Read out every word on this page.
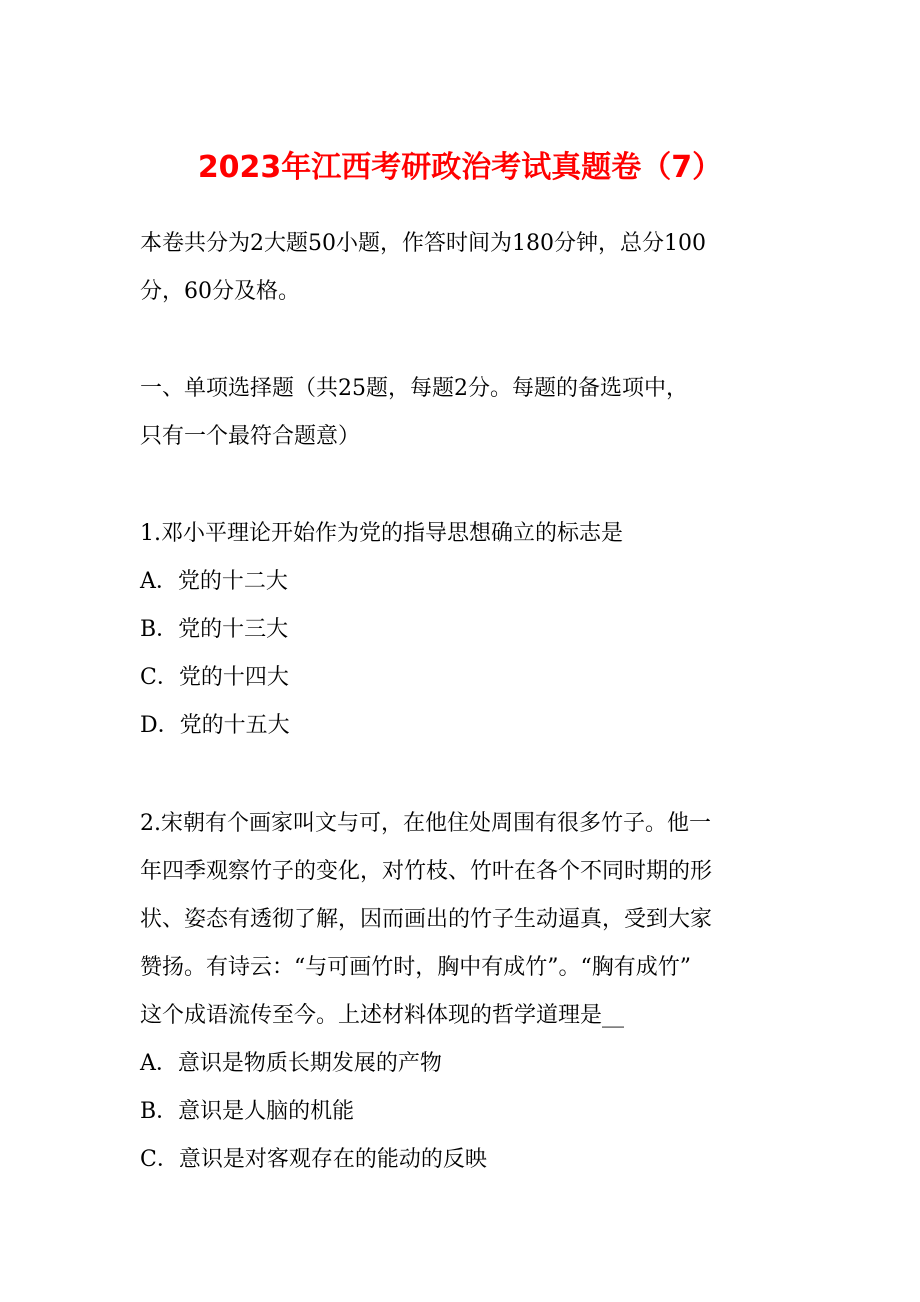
2023年江西考研政治考试真题卷（7）
本卷共分为2大题50小题，作答时间为180分钟，总分100
分，60分及格。
一、单项选择题（共25题，每题2分。每题的备选项中，
只有一个最符合题意）
1.邓小平理论开始作为党的指导思想确立的标志是
A．党的十二大
B．党的十三大
C．党的十四大
D．党的十五大
2.宋朝有个画家叫文与可，在他住处周围有很多竹子。他一
年四季观察竹子的变化，对竹枝、竹叶在各个不同时期的形
状、姿态有透彻了解，因而画出的竹子生动逼真，受到大家
赞扬。有诗云：“与可画竹时，胸中有成竹”。“胸有成竹”
这个成语流传至今。上述材料体现的哲学道理是__
A．意识是物质长期发展的产物
B．意识是人脑的机能
C．意识是对客观存在的能动的反映
